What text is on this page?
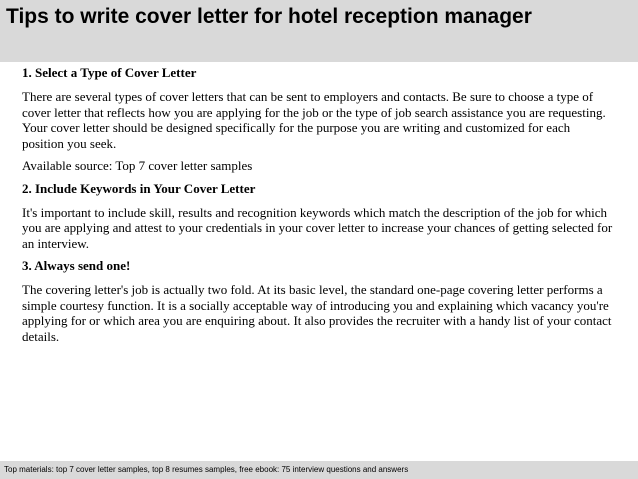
Tips to write cover letter for hotel reception manager

1. Select a Type of Cover Letter

There are several types of cover letters that can be sent to employers and contacts. Be sure to choose a type of cover letter that reflects how you are applying for the job or the type of job search assistance you are requesting. Your cover letter should be designed specifically for the purpose you are writing and customized for each position you seek.

Available source: Top 7 cover letter samples

2. Include Keywords in Your Cover Letter

It's important to include skill, results and recognition keywords which match the description of the job for which you are applying and attest to your credentials in your cover letter to increase your chances of getting selected for an interview.

3. Always send one!

The covering letter's job is actually two fold. At its basic level, the standard one-page covering letter performs a simple courtesy function. It is a socially acceptable way of introducing you and explaining which vacancy you're applying for or which area you are enquiring about. It also provides the recruiter with a handy list of your contact details.

Top materials: top 7 cover letter samples, top 8 resumes samples, free ebook: 75 interview questions and answers
